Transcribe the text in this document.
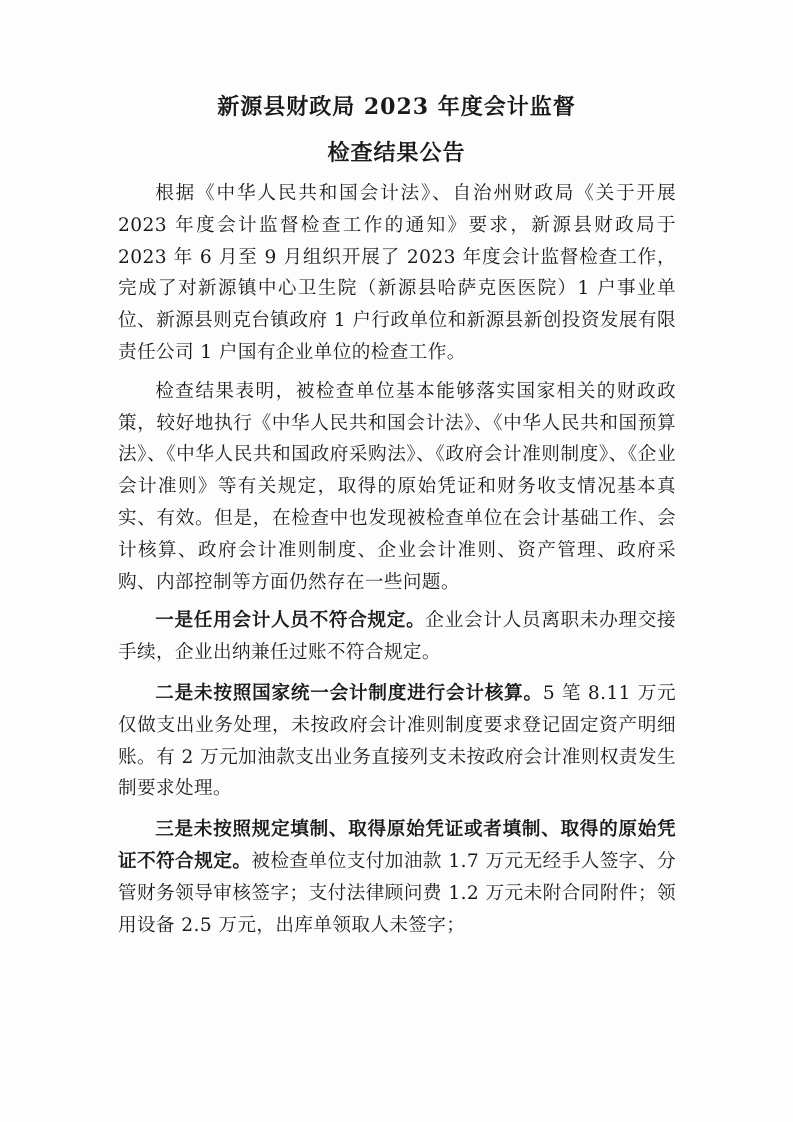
新源县财政局 2023 年度会计监督
检查结果公告

根据《中华人民共和国会计法》、自治州财政局《关于开展 2023 年度会计监督检查工作的通知》要求，新源县财政局于 2023 年 6 月至 9 月组织开展了 2023 年度会计监督检查工作，完成了对新源镇中心卫生院（新源县哈萨克医医院）1 户事业单位、新源县则克台镇政府 1 户行政单位和新源县新创投资发展有限责任公司 1 户国有企业单位的检查工作。

检查结果表明，被检查单位基本能够落实国家相关的财政政策，较好地执行《中华人民共和国会计法》、《中华人民共和国预算法》、《中华人民共和国政府采购法》、《政府会计准则制度》、《企业会计准则》等有关规定，取得的原始凭证和财务收支情况基本真实、有效。但是，在检查中也发现被检查单位在会计基础工作、会计核算、政府会计准则制度、企业会计准则、资产管理、政府采购、内部控制等方面仍然存在一些问题。

一是任用会计人员不符合规定。企业会计人员离职未办理交接手续，企业出纳兼任过账不符合规定。

二是未按照国家统一会计制度进行会计核算。5 笔 8.11 万元仅做支出业务处理，未按政府会计准则制度要求登记固定资产明细账。有 2 万元加油款支出业务直接列支未按政府会计准则权责发生制要求处理。

三是未按照规定填制、取得原始凭证或者填制、取得的原始凭证不符合规定。被检查单位支付加油款 1.7 万元无经手人签字、分管财务领导审核签字；支付法律顾问费 1.2 万元未附合同附件；领用设备 2.5 万元，出库单领取人未签字；
